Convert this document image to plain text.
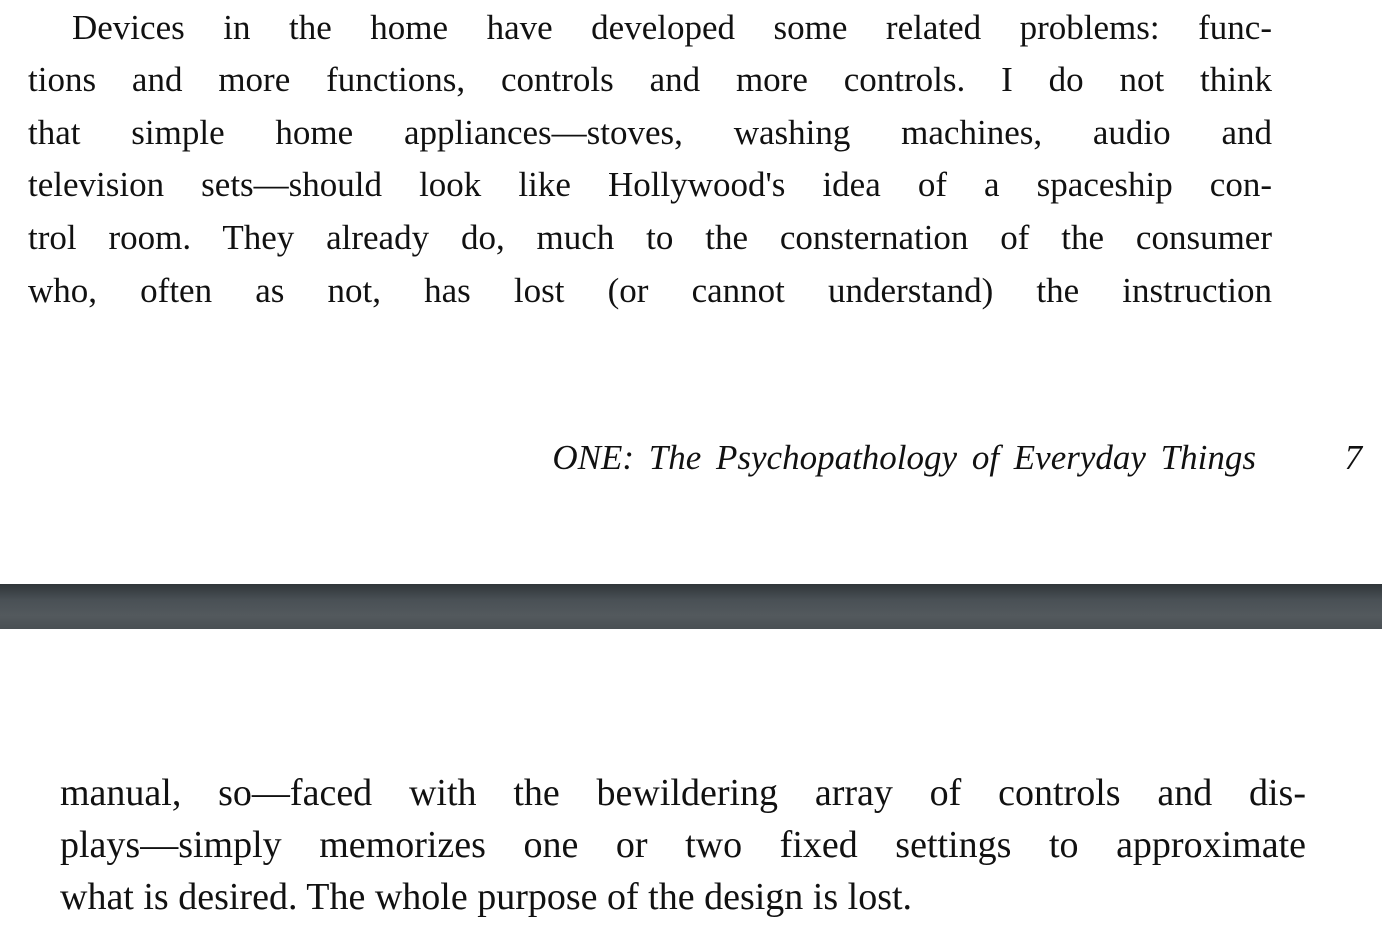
Devices in the home have developed some related problems: func-
tions and more functions, controls and more controls. I do not think
that simple home appliances—stoves, washing machines, audio and
television sets—should look like Hollywood's idea of a spaceship con-
trol room. They already do, much to the consternation of the consumer
who, often as not, has lost (or cannot understand) the instruction
ONE: The Psychopathology of Everyday Things	7
manual, so—faced with the bewildering array of controls and dis-
plays—simply memorizes one or two fixed settings to approximate
what is desired. The whole purpose of the design is lost.
